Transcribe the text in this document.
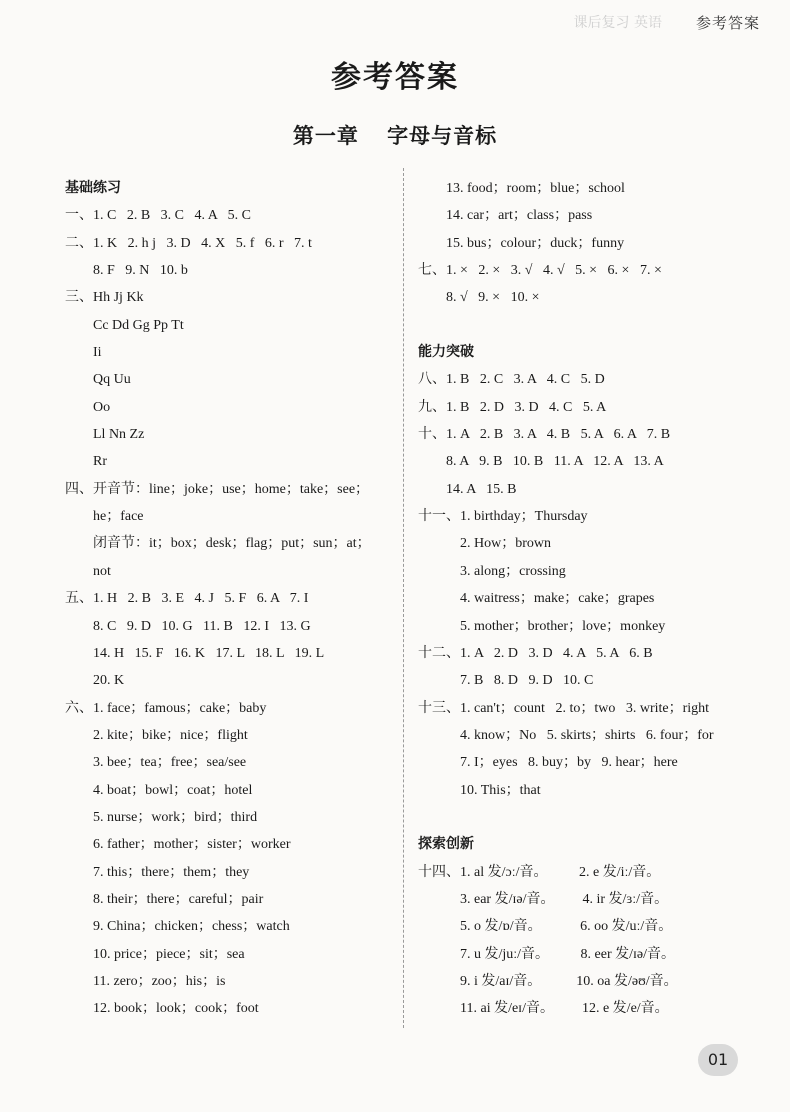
课后复习 英语 参考答案
参考答案
第一章 字母与音标
基础练习
一、1. C   2. B   3. C   4. A   5. C
二、1. K   2. h j   3. D   4. X   5. f   6. r   7. t
8. F   9. N   10. b
三、Hh Jj Kk
Cc Dd Gg Pp Tt
Ii
Qq Uu
Oo
Ll Nn Zz
Rr
四、开音节：line；joke；use；home；take；see；
he；face
闭音节：it；box；desk；flag；put；sun；at；
not
五、1. H   2. B   3. E   4. J   5. F   6. A   7. I
8. C   9. D   10. G   11. B   12. I   13. G
14. H   15. F   16. K   17. L   18. L   19. L
20. K
六、1. face；famous；cake；baby
2. kite；bike；nice；flight
3. bee；tea；free；sea/see
4. boat；bowl；coat；hotel
5. nurse；work；bird；third
6. father；mother；sister；worker
7. this；there；them；they
8. their；there；careful；pair
9. China；chicken；chess；watch
10. price；piece；sit；sea
11. zero；zoo；his；is
12. book；look；cook；foot
13. food；room；blue；school
14. car；art；class；pass
15. bus；colour；duck；funny
七、1. ×   2. ×   3. √   4. √   5. ×   6. ×   7. ×
8. √   9. ×   10. ×
能力突破
八、1. B   2. C   3. A   4. C   5. D
九、1. B   2. D   3. D   4. C   5. A
十、1. A   2. B   3. A   4. B   5. A   6. A   7. B
8. A   9. B   10. B   11. A   12. A   13. A
14. A   15. B
十一、1. birthday；Thursday
2. How；brown
3. along；crossing
4. waitress；make；cake；grapes
5. mother；brother；love；monkey
十二、1. A   2. D   3. D   4. A   5. A   6. B
7. B   8. D   9. D   10. C
十三、1. can't；count   2. to；two   3. write；right
4. know；No   5. skirts；shirts   6. four；for
7. I；eyes   8. buy；by   9. hear；here
10. This；that
探索创新
十四、1. al 发/ɔː/音。         2. e 发/iː/音。
3. ear 发/ɪə/音。        4. ir 发/ɜː/音。
5. o 发/ɒ/音。           6. oo 发/uː/音。
7. u 发/juː/音。         8. eer 发/ɪə/音。
9. i 发/aɪ/音。          10. oa 发/əʊ/音。
11. ai 发/eɪ/音。        12. e 发/e/音。
01
